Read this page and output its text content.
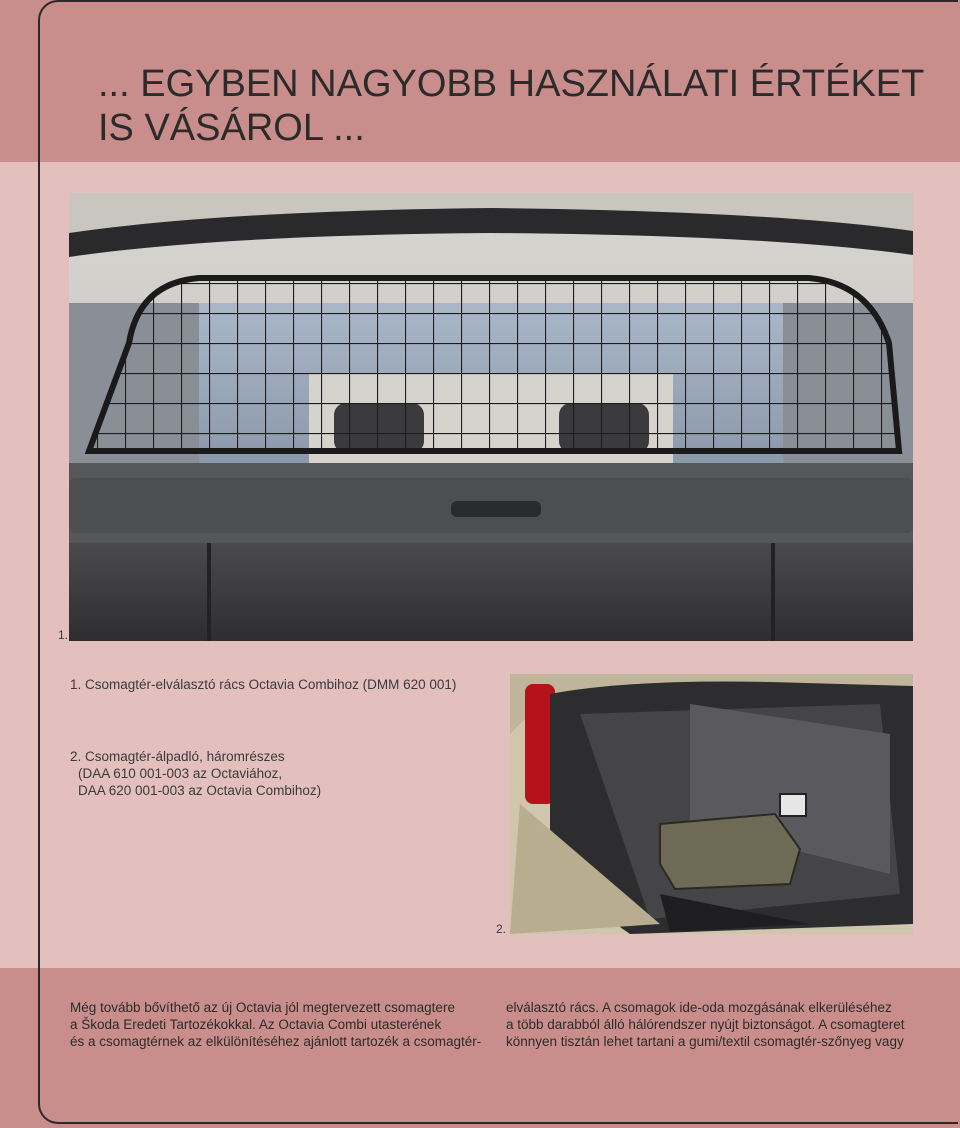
... EGYBEN NAGYOBB HASZNÁLATI ÉRTÉKET
IS VÁSÁROL ...
1.
1. Csomagtér-elválasztó rács Octavia Combihoz (DMM 620 001)
2. Csomagtér-álpadló, háromrészes
(DAA 610 001-003 az Octaviához,
DAA 620 001-003 az Octavia Combihoz)
2.
Még tovább bővíthető az új Octavia jól megtervezett csomagtere
a Škoda Eredeti Tartozékokkal. Az Octavia Combi utasterének
és a csomagtérnek az elkülönítéséhez ajánlott tartozék a csomagtér-
elválasztó rács. A csomagok ide-oda mozgásának elkerüléséhez
a több darabból álló hálórendszer nyújt biztonságot. A csomagteret
könnyen tisztán lehet tartani a gumi/textil csomagtér-szőnyeg vagy
